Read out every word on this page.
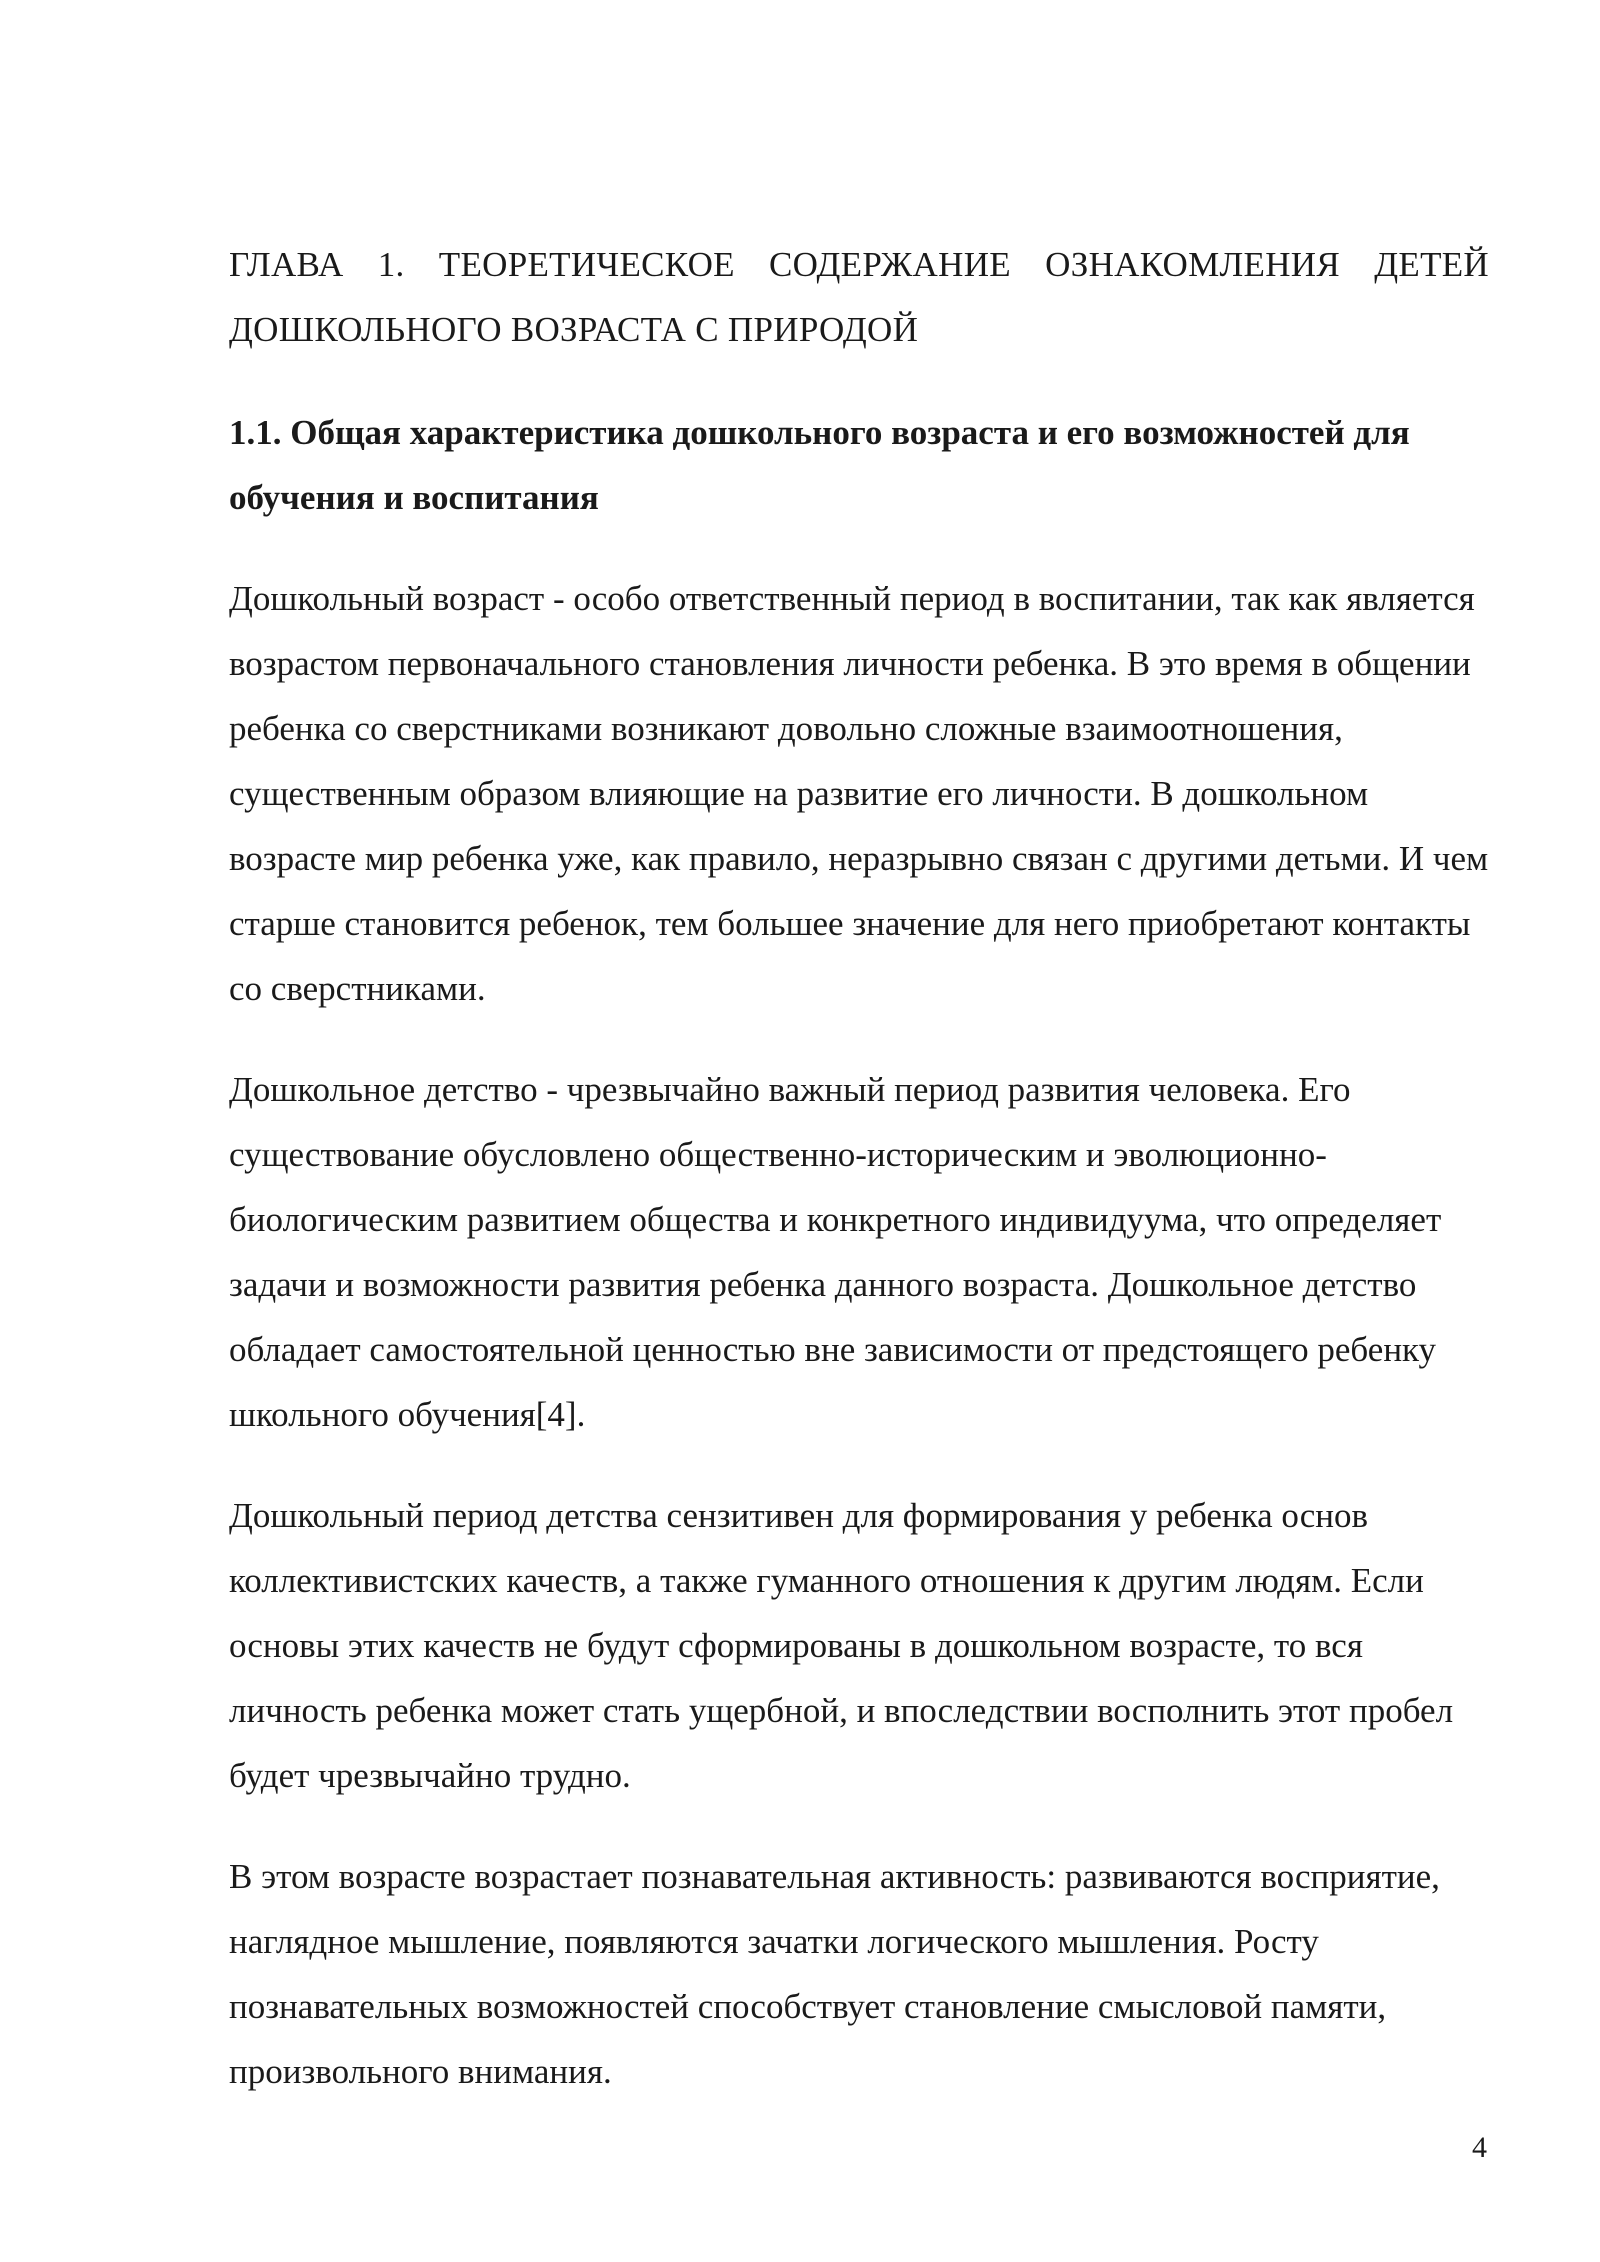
ГЛАВА 1. ТЕОРЕТИЧЕСКОЕ СОДЕРЖАНИЕ ОЗНАКОМЛЕНИЯ ДЕТЕЙ ДОШКОЛЬНОГО ВОЗРАСТА С ПРИРОДОЙ
1.1. Общая характеристика дошкольного возраста и его возможностей для обучения и воспитания

Дошкольный возраст - особо ответственный период в воспитании, так как является возрастом первоначального становления личности ребенка. В это время в общении ребенка со сверстниками возникают довольно сложные взаимоотношения, существенным образом влияющие на развитие его личности. В дошкольном возрасте мир ребенка уже, как правило, неразрывно связан с другими детьми. И чем старше становится ребенок, тем большее значение для него приобретают контакты со сверстниками.

Дошкольное детство - чрезвычайно важный период развития человека. Его существование обусловлено общественно-историческим и эволюционно-биологическим развитием общества и конкретного индивидуума, что определяет задачи и возможности развития ребенка данного возраста. Дошкольное детство обладает самостоятельной ценностью вне зависимости от предстоящего ребенку школьного обучения[4].

Дошкольный период детства сензитивен для формирования у ребенка основ коллективистских качеств, а также гуманного отношения к другим людям. Если основы этих качеств не будут сформированы в дошкольном возрасте, то вся личность ребенка может стать ущербной, и впоследствии восполнить этот пробел будет чрезвычайно трудно.

В этом возрасте возрастает познавательная активность: развиваются восприятие, наглядное мышление, появляются зачатки логического мышления. Росту познавательных возможностей способствует становление смысловой памяти, произвольного внимания.

4
